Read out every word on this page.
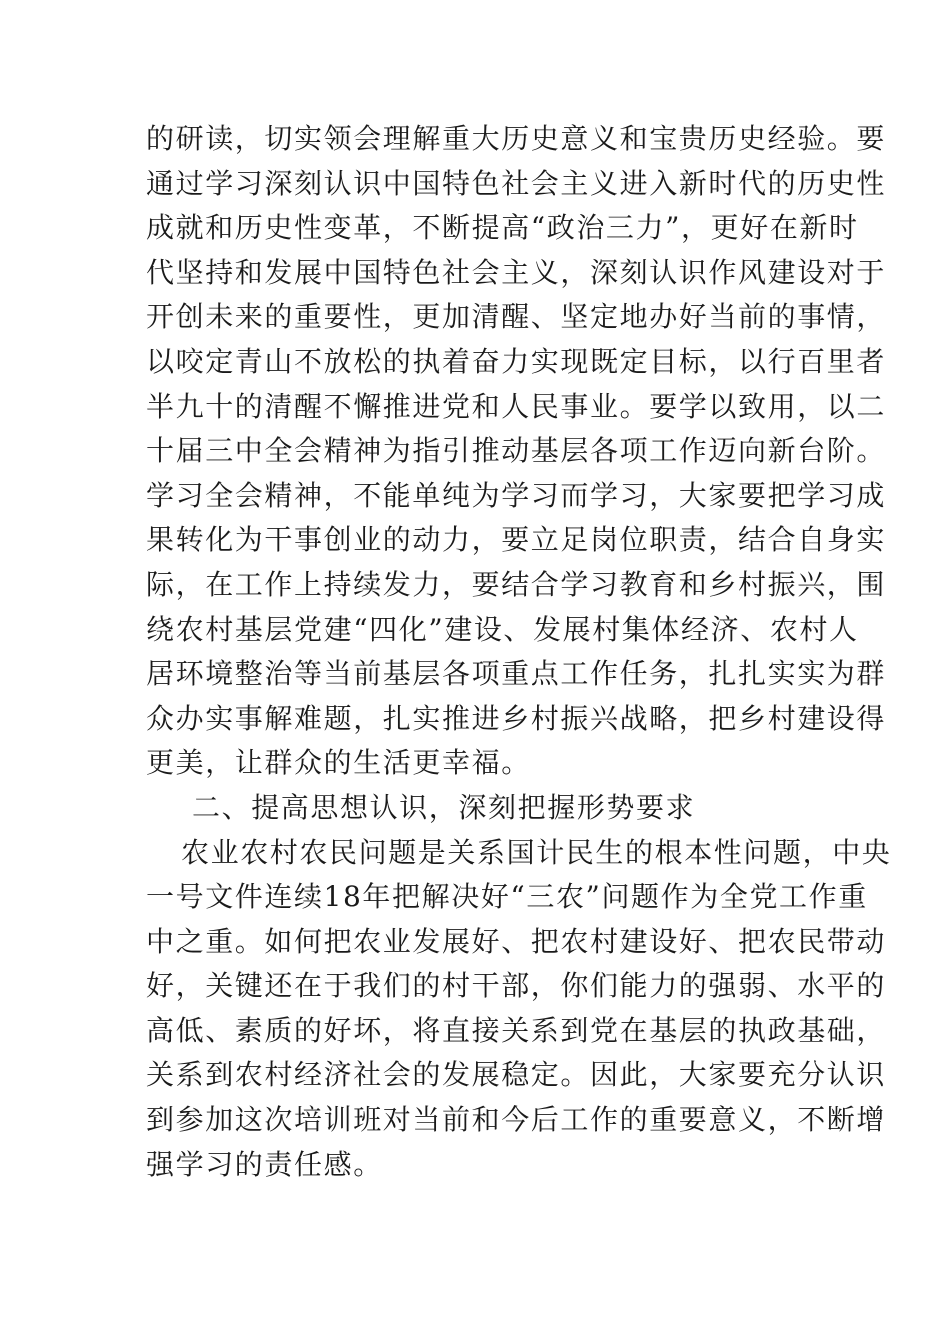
的研读，切实领会理解重大历史意义和宝贵历史经验。要
通过学习深刻认识中国特色社会主义进入新时代的历史性
成就和历史性变革，不断提高“政治三力”，更好在新时
代坚持和发展中国特色社会主义，深刻认识作风建设对于
开创未来的重要性，更加清醒、坚定地办好当前的事情，
以咬定青山不放松的执着奋力实现既定目标，以行百里者
半九十的清醒不懈推进党和人民事业。要学以致用，以二
十届三中全会精神为指引推动基层各项工作迈向新台阶。
学习全会精神，不能单纯为学习而学习，大家要把学习成
果转化为干事创业的动力，要立足岗位职责，结合自身实
际，在工作上持续发力，要结合学习教育和乡村振兴，围
绕农村基层党建“四化”建设、发展村集体经济、农村人
居环境整治等当前基层各项重点工作任务，扎扎实实为群
众办实事解难题，扎实推进乡村振兴战略，把乡村建设得
更美，让群众的生活更幸福。
二、提高思想认识，深刻把握形势要求
农业农村农民问题是关系国计民生的根本性问题，中央
一号文件连续18年把解决好“三农”问题作为全党工作重
中之重。如何把农业发展好、把农村建设好、把农民带动
好，关键还在于我们的村干部，你们能力的强弱、水平的
高低、素质的好坏，将直接关系到党在基层的执政基础，
关系到农村经济社会的发展稳定。因此，大家要充分认识
到参加这次培训班对当前和今后工作的重要意义，不断增
强学习的责任感。
